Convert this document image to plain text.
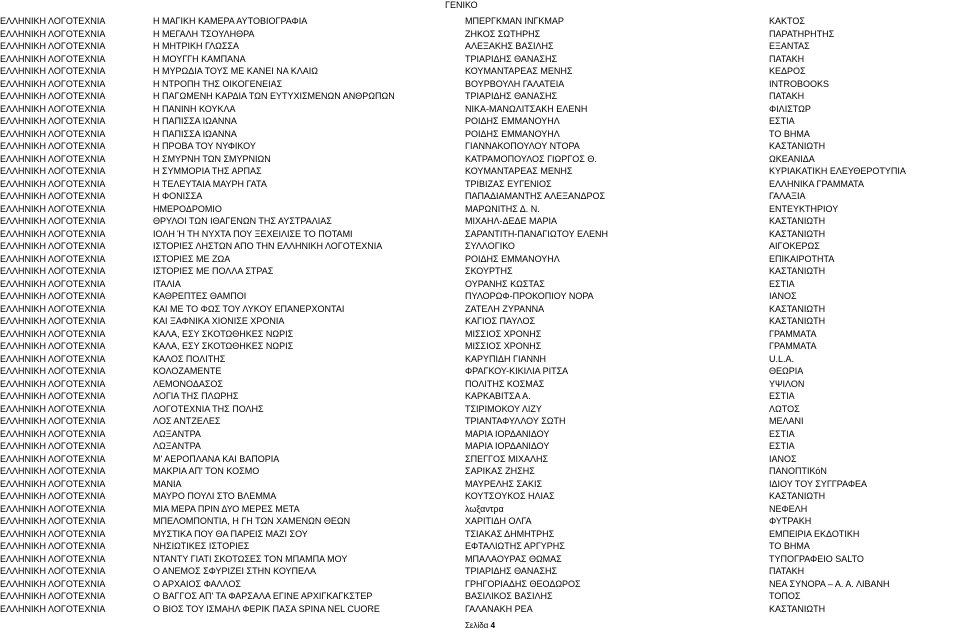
ΓΕΝΙΚΟ
ΕΛΛΗΝΙΚΗ ΛΟΓΟΤΕΧΝΙΑ	Η ΜΑΓΙΚΗ ΚΑΜΕΡΑ ΑΥΤΟΒΙΟΓΡΑΦΙΑ	ΜΠΕΡΓΚΜΑΝ ΙΝΓΚΜΑΡ	ΚΑΚΤΟΣ
ΕΛΛΗΝΙΚΗ ΛΟΓΟΤΕΧΝΙΑ	Η ΜΕΓΑΛΗ ΤΣΟΥΛΗΘΡΑ	ΖΗΚΟΣ ΣΩΤΗΡΗΣ	ΠΑΡΑΤΗΡΗΤΗΣ
ΕΛΛΗΝΙΚΗ ΛΟΓΟΤΕΧΝΙΑ	Η ΜΗΤΡΙΚΗ ΓΛΩΣΣΑ	ΑΛΕΞΑΚΗΣ ΒΑΣΙΛΗΣ	ΕΞΑΝΤΑΣ
ΕΛΛΗΝΙΚΗ ΛΟΓΟΤΕΧΝΙΑ	Η ΜΟΥΓΓΗ ΚΑΜΠΑΝΑ	ΤΡΙΑΡΙΔΗΣ ΘΑΝΑΣΗΣ	ΠΑΤΑΚΗ
ΕΛΛΗΝΙΚΗ ΛΟΓΟΤΕΧΝΙΑ	Η ΜΥΡΩΔΙΑ ΤΟΥΣ ΜΕ ΚΑΝΕΙ ΝΑ ΚΛΑΙΩ	ΚΟΥΜΑΝΤΑΡΕΑΣ ΜΕΝΗΣ	ΚΕΔΡΟΣ
ΕΛΛΗΝΙΚΗ ΛΟΓΟΤΕΧΝΙΑ	Η ΝΤΡΟΠΗ ΤΗΣ ΟΙΚΟΓΕΝΕΙΑΣ	ΒΟΥΡΒΟΥΛΗ ΓΑΛΑΤΕΙΑ	INTROBOOKS
ΕΛΛΗΝΙΚΗ ΛΟΓΟΤΕΧΝΙΑ	Η ΠΑΓΩΜΕΝΗ ΚΑΡΔΙΑ ΤΩΝ ΕΥΤΥΧΙΣΜΕΝΩΝ ΑΝΘΡΩΠΩΝ	ΤΡΙΑΡΙΔΗΣ ΘΑΝΑΣΗΣ	ΠΑΤΑΚΗ
ΕΛΛΗΝΙΚΗ ΛΟΓΟΤΕΧΝΙΑ	Η ΠΑΝΙΝΗ ΚΟΥΚΛΑ	ΝΙΚΑ-ΜΑΝΩΛΙΤΣΑΚΗ ΕΛΕΝΗ	ΦΙΛΙΣΤΩΡ
ΕΛΛΗΝΙΚΗ ΛΟΓΟΤΕΧΝΙΑ	Η ΠΑΠΙΣΣΑ ΙΩΑΝΝΑ	ΡΟΙΔΗΣ ΕΜΜΑΝΟΥΗΛ	ΕΣΤΙΑ
ΕΛΛΗΝΙΚΗ ΛΟΓΟΤΕΧΝΙΑ	Η ΠΑΠΙΣΣΑ ΙΩΑΝΝΑ	ΡΟΙΔΗΣ ΕΜΜΑΝΟΥΗΛ	ΤΟ ΒΗΜΑ
ΕΛΛΗΝΙΚΗ ΛΟΓΟΤΕΧΝΙΑ	Η ΠΡΟΒΑ ΤΟΥ ΝΥΦΙΚΟΥ	ΓΙΑΝΝΑΚΟΠΟΥΛΟΥ ΝΤΟΡΑ	ΚΑΣΤΑΝΙΩΤΗ
ΕΛΛΗΝΙΚΗ ΛΟΓΟΤΕΧΝΙΑ	Η ΣΜΥΡΝΗ ΤΩΝ ΣΜΥΡΝΙΩΝ	ΚΑΤΡΑΜΟΠΟΥΛΟΣ ΓΙΩΡΓΟΣ Θ.	ΩΚΕΑΝΙΔΑ
ΕΛΛΗΝΙΚΗ ΛΟΓΟΤΕΧΝΙΑ	Η ΣΥΜΜΟΡΙΑ ΤΗΣ ΑΡΠΑΣ	ΚΟΥΜΑΝΤΑΡΕΑΣ ΜΕΝΗΣ	ΚΥΡΙΑΚΑΤΙΚΗ ΕΛΕΥΘΕΡΟΤΥΠΙΑ
ΕΛΛΗΝΙΚΗ ΛΟΓΟΤΕΧΝΙΑ	Η ΤΕΛΕΥΤΑΙΑ ΜΑΥΡΗ ΓΑΤΑ	ΤΡΙΒΙΖΑΣ ΕΥΓΕΝΙΟΣ	ΕΛΛΗΝΙΚΑ ΓΡΑΜΜΑΤΑ
ΕΛΛΗΝΙΚΗ ΛΟΓΟΤΕΧΝΙΑ	Η ΦΟΝΙΣΣΑ	ΠΑΠΑΔΙΑΜΑΝΤΗΣ ΑΛΕΞΑΝΔΡΟΣ	ΓΑΛΑΞΙΑ
ΕΛΛΗΝΙΚΗ ΛΟΓΟΤΕΧΝΙΑ	ΗΜΕΡΟΔΡΟΜΙΟ	ΜΑΡΩΝΙΤΗΣ Δ. Ν.	ΕΝΤΕΥΚΤΗΡΙΟΥ
ΕΛΛΗΝΙΚΗ ΛΟΓΟΤΕΧΝΙΑ	ΘΡΥΛΟΙ ΤΩΝ ΙΘΑΓΕΝΩΝ ΤΗΣ ΑΥΣΤΡΑΛΙΑΣ	ΜΙΧΑΗΛ-ΔΕΔΕ ΜΑΡΙΑ	ΚΑΣΤΑΝΙΩΤΗ
ΕΛΛΗΝΙΚΗ ΛΟΓΟΤΕΧΝΙΑ	ΙΟΛΗ Ή ΤΗ ΝΥΧΤΑ ΠΟΥ ΞΕΧΕΙΛΙΣΕ ΤΟ ΠΟΤΑΜΙ	ΣΑΡΑΝΤΙΤΗ-ΠΑΝΑΓΙΩΤΟΥ ΕΛΕΝΗ	ΚΑΣΤΑΝΙΩΤΗ
ΕΛΛΗΝΙΚΗ ΛΟΓΟΤΕΧΝΙΑ	ΙΣΤΟΡΙΕΣ ΛΗΣΤΩΝ ΑΠΟ ΤΗΝ ΕΛΛΗΝΙΚΗ ΛΟΓΟΤΕΧΝΙΑ	ΣΥΛΛΟΓΙΚΟ	ΑΙΓΟΚΕΡΩΣ
ΕΛΛΗΝΙΚΗ ΛΟΓΟΤΕΧΝΙΑ	ΙΣΤΟΡΙΕΣ ΜΕ ΖΩΑ	ΡΟΙΔΗΣ ΕΜΜΑΝΟΥΗΛ	ΕΠΙΚΑΙΡΟΤΗΤΑ
ΕΛΛΗΝΙΚΗ ΛΟΓΟΤΕΧΝΙΑ	ΙΣΤΟΡΙΕΣ ΜΕ ΠΟΛΛΑ ΣΤΡΑΣ	ΣΚΟΥΡΤΗΣ	ΚΑΣΤΑΝΙΩΤΗ
ΕΛΛΗΝΙΚΗ ΛΟΓΟΤΕΧΝΙΑ	ΙΤΑΛΙΑ	ΟΥΡΑΝΗΣ ΚΩΣΤΑΣ	ΕΣΤΙΑ
ΕΛΛΗΝΙΚΗ ΛΟΓΟΤΕΧΝΙΑ	ΚΑΘΡΕΠΤΕΣ ΘΑΜΠΟΙ	ΠΥΛΟΡΩΦ-ΠΡΟΚΟΠΙΟΥ ΝΟΡΑ	ΙΑΝΟΣ
ΕΛΛΗΝΙΚΗ ΛΟΓΟΤΕΧΝΙΑ	ΚΑΙ ΜΕ ΤΟ ΦΩΣ ΤΟΥ ΛΥΚΟΥ ΕΠΑΝΕΡΧΟΝΤΑΙ	ΖΑΤΕΛΗ ΖΥΡΑΝΝΑ	ΚΑΣΤΑΝΙΩΤΗ
ΕΛΛΗΝΙΚΗ ΛΟΓΟΤΕΧΝΙΑ	ΚΑΙ ΞΑΦΝΙΚΑ ΧΙΟΝΙΣΕ ΧΡΟΝΙΑ	ΚΑΓΙΟΣ ΠΑΥΛΟΣ	ΚΑΣΤΑΝΙΩΤΗ
ΕΛΛΗΝΙΚΗ ΛΟΓΟΤΕΧΝΙΑ	ΚΑΛΑ, ΕΣΥ ΣΚΟΤΩΘΗΚΕΣ ΝΩΡΙΣ	ΜΙΣΣΙΟΣ ΧΡΟΝΗΣ	ΓΡΑΜΜΑΤΑ
ΕΛΛΗΝΙΚΗ ΛΟΓΟΤΕΧΝΙΑ	ΚΑΛΑ, ΕΣΥ ΣΚΟΤΩΘΗΚΕΣ ΝΩΡΙΣ	ΜΙΣΣΙΟΣ ΧΡΟΝΗΣ	ΓΡΑΜΜΑΤΑ
ΕΛΛΗΝΙΚΗ ΛΟΓΟΤΕΧΝΙΑ	ΚΑΛΟΣ ΠΟΛΙΤΗΣ	ΚΑΡΥΠΙΔΗ ΓΙΑΝΝΗ	U.L.A.
ΕΛΛΗΝΙΚΗ ΛΟΓΟΤΕΧΝΙΑ	ΚΟΛΟΖΑΜΕΝΤΕ	ΦΡΑΓΚΟΥ-ΚΙΚΙΛΙΑ ΡΙΤΣΑ	ΘΕΩΡΙΑ
ΕΛΛΗΝΙΚΗ ΛΟΓΟΤΕΧΝΙΑ	ΛΕΜΟΝΟΔΑΣΟΣ	ΠΟΛΙΤΗΣ ΚΟΣΜΑΣ	ΥΨΙΛΟΝ
ΕΛΛΗΝΙΚΗ ΛΟΓΟΤΕΧΝΙΑ	ΛΟΓΙΑ ΤΗΣ ΠΛΩΡΗΣ	ΚΑΡΚΑΒΙΤΣΑ Α.	ΕΣΤΙΑ
ΕΛΛΗΝΙΚΗ ΛΟΓΟΤΕΧΝΙΑ	ΛΟΓΟΤΕΧΝΙΑ ΤΗΣ ΠΟΛΗΣ	ΤΣΙΡΙΜΟΚΟΥ ΛΙΖΥ	ΛΩΤΟΣ
ΕΛΛΗΝΙΚΗ ΛΟΓΟΤΕΧΝΙΑ	ΛΟΣ ΑΝΤΖΕΛΕΣ	ΤΡΙΑΝΤΑΦΥΛΛΟΥ ΣΩΤΗ	ΜΕΛΑΝΙ
ΕΛΛΗΝΙΚΗ ΛΟΓΟΤΕΧΝΙΑ	ΛΩΞΑΝΤΡΑ	ΜΑΡΙΑ ΙΟΡΔΑΝΙΔΟΥ	ΕΣΤΙΑ
ΕΛΛΗΝΙΚΗ ΛΟΓΟΤΕΧΝΙΑ	ΛΩΞΑΝΤΡΑ	ΜΑΡΙΑ ΙΟΡΔΑΝΙΔΟΥ	ΕΣΤΙΑ
ΕΛΛΗΝΙΚΗ ΛΟΓΟΤΕΧΝΙΑ	Μ' ΑΕΡΟΠΛΑΝΑ ΚΑΙ ΒΑΠΟΡΙΑ	ΣΠΕΓΓΟΣ ΜΙΧΑΛΗΣ	ΙΑΝΟΣ
ΕΛΛΗΝΙΚΗ ΛΟΓΟΤΕΧΝΙΑ	ΜΑΚΡΙΑ ΑΠ' ΤΟΝ ΚΟΣΜΟ	ΣΑΡΙΚΑΣ ΖΗΣΗΣ	ΠΑΝΟΠΤΙΚόΝ
ΕΛΛΗΝΙΚΗ ΛΟΓΟΤΕΧΝΙΑ	ΜΑΝΙΑ	ΜΑΥΡΕΛΗΣ ΣΑΚΙΣ	ΙΔΙΟΥ ΤΟΥ ΣΥΓΓΡΑΦΕΑ
ΕΛΛΗΝΙΚΗ ΛΟΓΟΤΕΧΝΙΑ	ΜΑΥΡΟ ΠΟΥΛΙ ΣΤΟ ΒΛΕΜΜΑ	ΚΟΥΤΣΟΥΚΟΣ ΗΛΙΑΣ	ΚΑΣΤΑΝΙΩΤΗ
ΕΛΛΗΝΙΚΗ ΛΟΓΟΤΕΧΝΙΑ	ΜΙΑ ΜΕΡΑ ΠΡΙΝ ΔΥΟ ΜΕΡΕΣ ΜΕΤΑ	λωξαντρα	ΝΕΦΕΛΗ
ΕΛΛΗΝΙΚΗ ΛΟΓΟΤΕΧΝΙΑ	ΜΠΕΛΟΜΠΟΝΤΙΑ, Η ΓΗ ΤΩΝ ΧΑΜΕΝΩΝ ΘΕΩΝ	ΧΑΡΙΤΙΔΗ ΟΛΓΑ	ΦΥΤΡΑΚΗ
ΕΛΛΗΝΙΚΗ ΛΟΓΟΤΕΧΝΙΑ	ΜΥΣΤΙΚΑ ΠΟΥ ΘΑ ΠΑΡΕΙΣ ΜΑΖΙ ΣΟΥ	ΤΣΙΑΚΑΣ ΔΗΜΗΤΡΗΣ	ΕΜΠΕΙΡΙΑ ΕΚΔΟΤΙΚΗ
ΕΛΛΗΝΙΚΗ ΛΟΓΟΤΕΧΝΙΑ	ΝΗΣΙΩΤΙΚΕΣ ΙΣΤΟΡΙΕΣ	ΕΦΤΑΛΙΩΤΗΣ ΑΡΓΥΡΗΣ	ΤΟ ΒΗΜΑ
ΕΛΛΗΝΙΚΗ ΛΟΓΟΤΕΧΝΙΑ	ΝΤΑΝΤΥ ΓΙΑΤΙ ΣΚΟΤΩΣΕΣ ΤΟΝ ΜΠΑΜΠΑ ΜΟΥ	ΜΠΑΛΑΟΥΡΑΣ ΘΩΜΑΣ	ΤΥΠΟΓΡΑΦΕΙΟ SALTO
ΕΛΛΗΝΙΚΗ ΛΟΓΟΤΕΧΝΙΑ	Ο ΑΝΕΜΟΣ ΣΦΥΡΙΖΕΙ ΣΤΗΝ ΚΟΥΠΕΛΑ	ΤΡΙΑΡΙΔΗΣ ΘΑΝΑΣΗΣ	ΠΑΤΑΚΗ
ΕΛΛΗΝΙΚΗ ΛΟΓΟΤΕΧΝΙΑ	Ο ΑΡΧΑΙΟΣ ΦΑΛΛΟΣ	ΓΡΗΓΟΡΙΑΔΗΣ ΘΕΟΔΩΡΟΣ	ΝΕΑ ΣΥΝΟΡΑ – Α. Α. ΛΙΒΑΝΗ
ΕΛΛΗΝΙΚΗ ΛΟΓΟΤΕΧΝΙΑ	Ο ΒΑΓΓΟΣ ΑΠ' ΤΑ ΦΑΡΣΑΛΑ ΕΓΙΝΕ ΑΡΧΙΓΚΑΓΚΣΤΕΡ	ΒΑΣΙΛΙΚΟΣ ΒΑΣΙΛΗΣ	ΤΟΠΟΣ
ΕΛΛΗΝΙΚΗ ΛΟΓΟΤΕΧΝΙΑ	Ο ΒΙΟΣ ΤΟΥ ΙΣΜΑΗΛ ΦΕΡΙΚ ΠΑΣΑ SPINA NEL CUORE	ΓΑΛΑΝΑΚΗ ΡΕΑ	ΚΑΣΤΑΝΙΩΤΗ
Σελίδα 4
